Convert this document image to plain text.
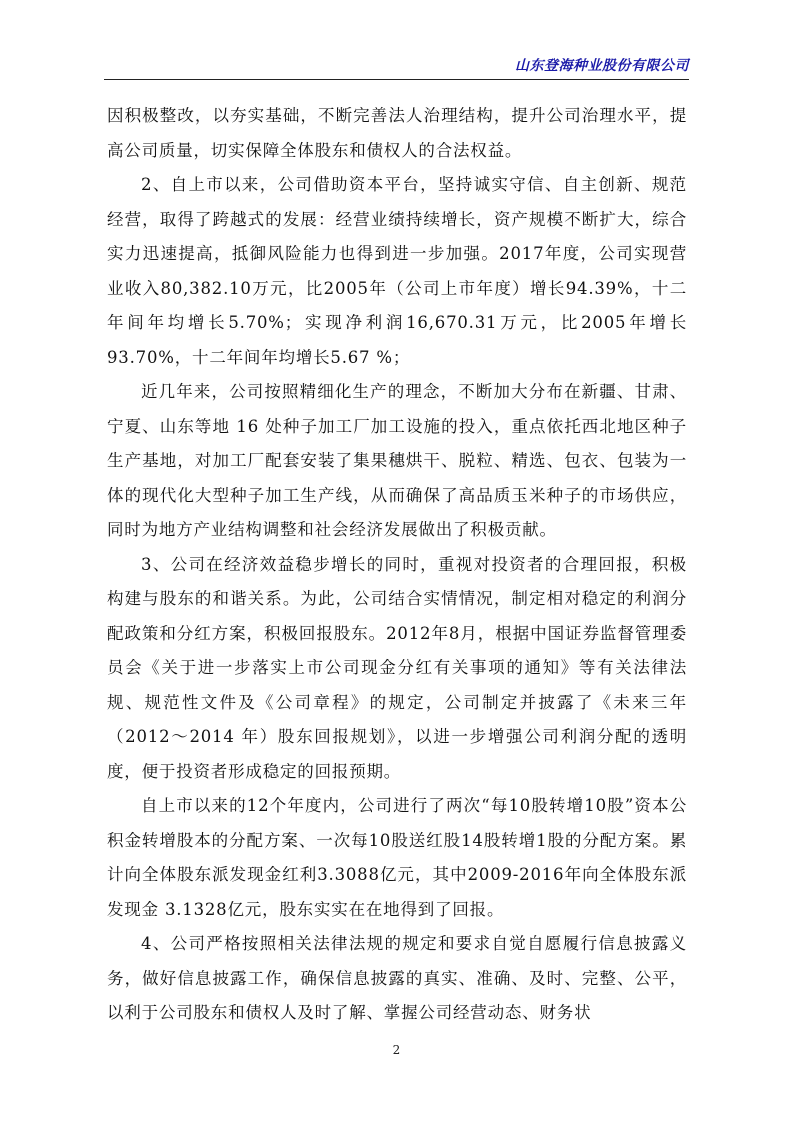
山东登海种业股份有限公司

因积极整改，以夯实基础，不断完善法人治理结构，提升公司治理水平，提高公司质量，切实保障全体股东和债权人的合法权益。

2、自上市以来，公司借助资本平台，坚持诚实守信、自主创新、规范经营，取得了跨越式的发展：经营业绩持续增长，资产规模不断扩大，综合实力迅速提高，抵御风险能力也得到进一步加强。2017年度，公司实现营业收入80,382.10万元，比2005年（公司上市年度）增长94.39%，十二年间年均增长5.70%；实现净利润16,670.31万元，比2005年增长93.70%，十二年间年均增长5.67 %；

近几年来，公司按照精细化生产的理念，不断加大分布在新疆、甘肃、宁夏、山东等地 16 处种子加工厂加工设施的投入，重点依托西北地区种子生产基地，对加工厂配套安装了集果穗烘干、脱粒、精选、包衣、包装为一体的现代化大型种子加工生产线，从而确保了高品质玉米种子的市场供应，同时为地方产业结构调整和社会经济发展做出了积极贡献。

3、公司在经济效益稳步增长的同时，重视对投资者的合理回报，积极构建与股东的和谐关系。为此，公司结合实情情况，制定相对稳定的利润分配政策和分红方案，积极回报股东。2012年8月，根据中国证券监督管理委员会《关于进一步落实上市公司现金分红有关事项的通知》等有关法律法规、规范性文件及《公司章程》的规定，公司制定并披露了《未来三年（2012～2014 年）股东回报规划》，以进一步增强公司利润分配的透明度，便于投资者形成稳定的回报预期。

自上市以来的12个年度内，公司进行了两次“每10股转增10股”资本公积金转增股本的分配方案、一次每10股送红股14股转增1股的分配方案。累计向全体股东派发现金红利3.3088亿元，其中2009-2016年向全体股东派发现金 3.1328亿元，股东实实在在地得到了回报。

4、公司严格按照相关法律法规的规定和要求自觉自愿履行信息披露义务，做好信息披露工作，确保信息披露的真实、准确、及时、完整、公平，以利于公司股东和债权人及时了解、掌握公司经营动态、财务状

2
